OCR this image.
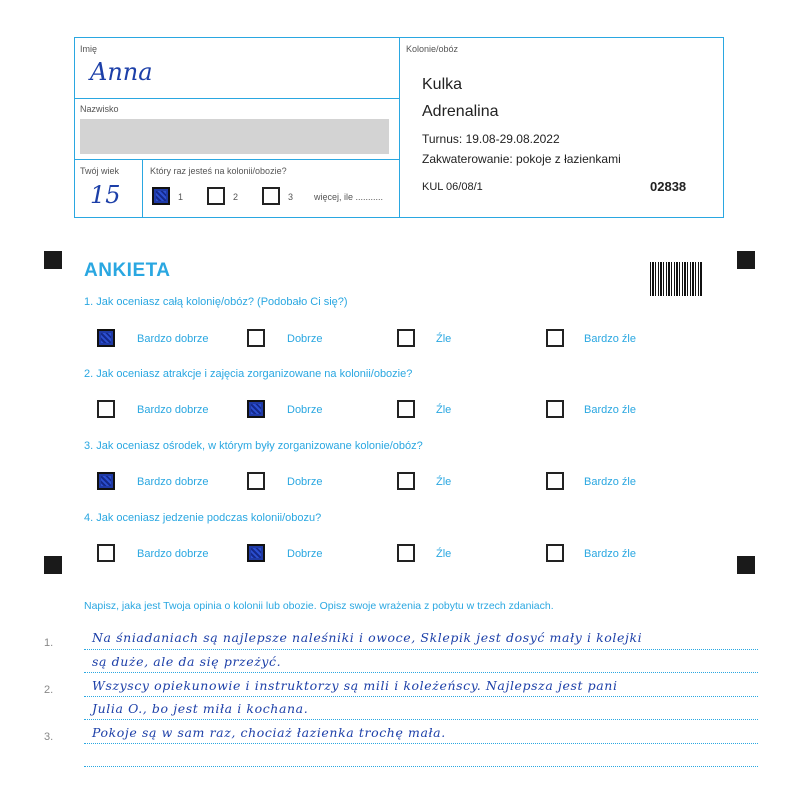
Imię
Anna
Nazwisko
Twój wiek
15
Który raz jesteś na kolonii/obozie?
1	2	3 więcej, ile ...........
Kolonie/obóz
Kulka
Adrenalina
Turnus: 19.08-29.08.2022
Zakwaterowanie: pokoje z łazienkami
KUL 06/08/1	02838
ANKIETA
1. Jak oceniasz całą kolonię/obóz? (Podobało Ci się?)
Bardzo dobrze	Dobrze	Źle	Bardzo źle
2. Jak oceniasz atrakcje i zajęcia zorganizowane na kolonii/obozie?
Bardzo dobrze	Dobrze	Źle	Bardzo źle
3. Jak oceniasz ośrodek, w którym były zorganizowane kolonie/obóz?
Bardzo dobrze	Dobrze	Źle	Bardzo źle
4. Jak oceniasz jedzenie podczas kolonii/obozu?
Bardzo dobrze	Dobrze	Źle	Bardzo źle
Napisz, jaka jest Twoja opinia o kolonii lub obozie. Opisz swoje wrażenia z pobytu w trzech zdaniach.
1.
2.
3.
Na śniadaniach są najlepsze naleśniki i owoce, Sklepik jest dosyć mały i kolejki
są duże, ale da się przeżyć.
Wszyscy opiekunowie i instruktorzy są mili i koleżeńscy. Najlepsza jest pani
Julia O., bo jest miła i kochana.
Pokoje są w sam raz, chociaż łazienka trochę mała.
